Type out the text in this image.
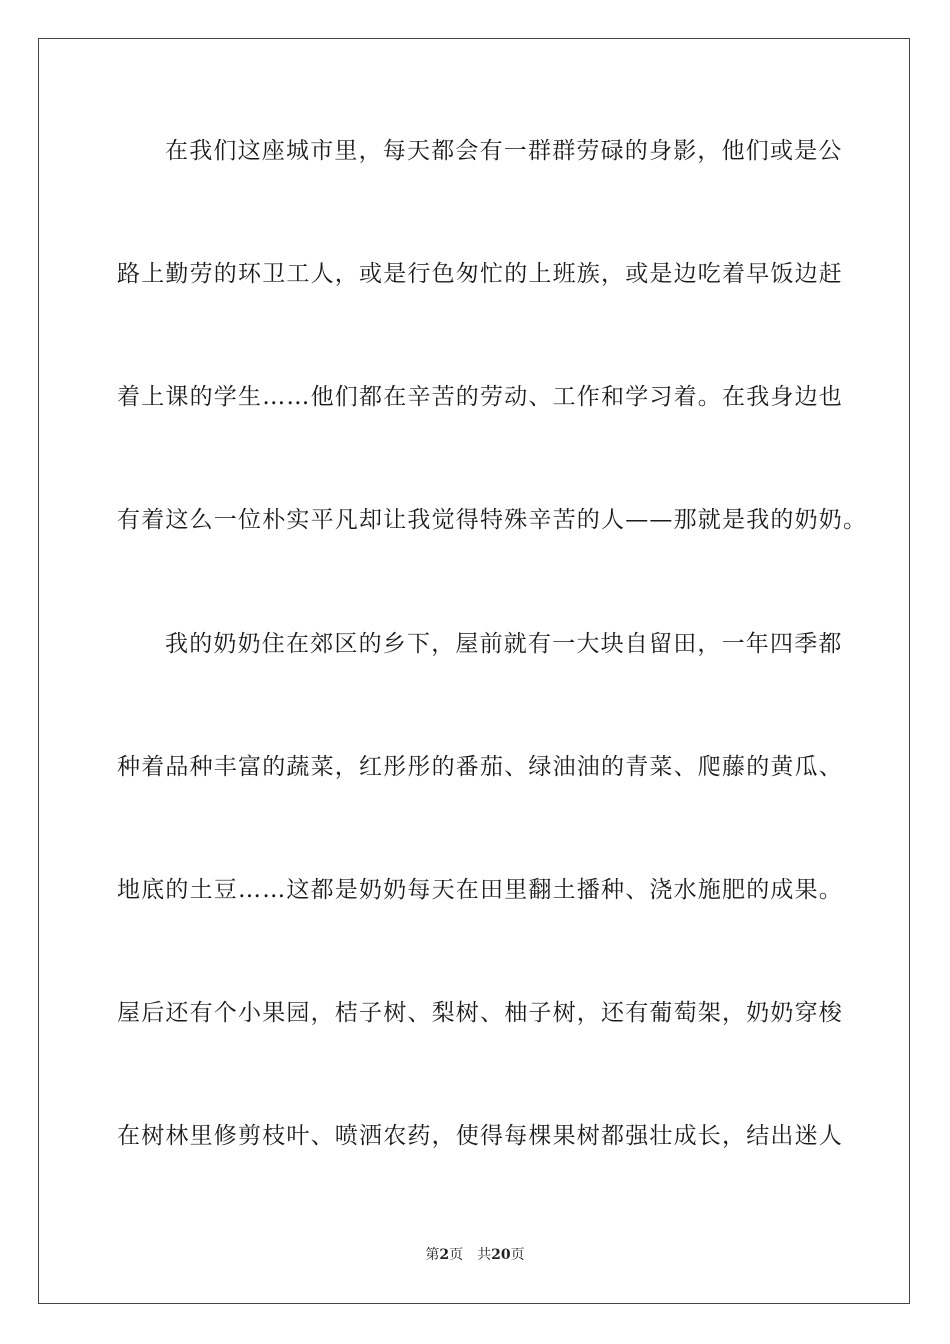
在我们这座城市里，每天都会有一群群劳碌的身影，他们或是公
路上勤劳的环卫工人，或是行色匆忙的上班族，或是边吃着早饭边赶
着上课的学生……他们都在辛苦的劳动、工作和学习着。在我身边也
有着这么一位朴实平凡却让我觉得特殊辛苦的人——那就是我的奶奶。
我的奶奶住在郊区的乡下，屋前就有一大块自留田，一年四季都
种着品种丰富的蔬菜，红彤彤的番茄、绿油油的青菜、爬藤的黄瓜、
地底的土豆……这都是奶奶每天在田里翻土播种、浇水施肥的成果。
屋后还有个小果园，桔子树、梨树、柚子树，还有葡萄架，奶奶穿梭
在树林里修剪枝叶、喷洒农药，使得每棵果树都强壮成长，结出迷人
第2页 共20页
